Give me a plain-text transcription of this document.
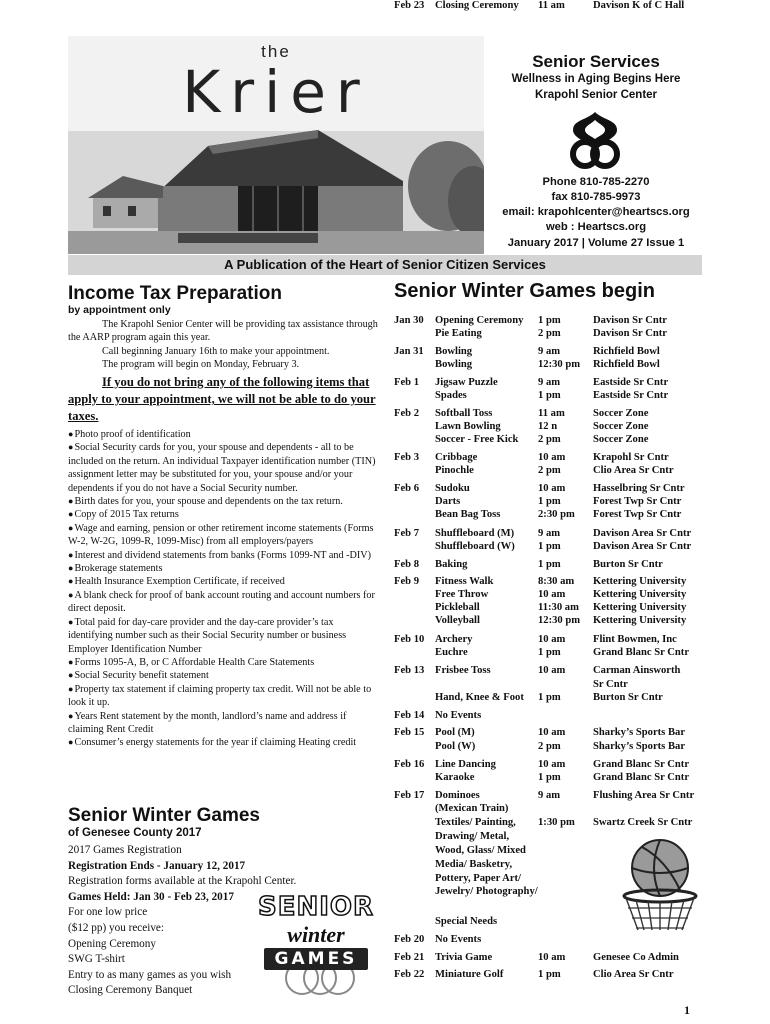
the
Krier	Senior Services
Wellness in Aging Begins Here
Krapohl Senior Center
Phone 810-785-2270
fax 810-785-9973
email: krapohlcenter@heartscs.org
web : Heartscs.org
January 2017 | Volume 27 Issue 1
A Publication of the Heart of Senior Citizen Services
Income Tax Preparation
by appointment only

The Krapohl Senior Center will be providing tax assistance through the AARP program again this year.

Call beginning January 16th to make your appointment.

The program will begin on Monday, February 3.

If you do not bring any of the following items that apply to your appointment, we will not be able to do your taxes.

● Photo proof of identification

● Social Security cards for you, your spouse and dependents - all to be included on the return. An individual Taxpayer identification number (TIN) assignment letter may be substituted for you, your spouse and/or your dependents if you do not have a Social Security number.

● Birth dates for you, your spouse and dependents on the tax return.

● Copy of 2015 Tax returns

● Wage and earning, pension or other retirement income statements (Forms W-2, W-2G, 1099-R, 1099-Misc) from all employers/payers

● Interest and dividend statements from banks (Forms 1099-NT and -DIV)

● Brokerage statements

● Health Insurance Exemption Certificate, if received

● A blank check for proof of bank account routing and account numbers for direct deposit.

● Total paid for day-care provider and the day-care provider’s tax identifying number such as their Social Security number or business Employer Identification Number

● Forms 1095-A, B, or C Affordable Health Care Statements

● Social Security benefit statement

● Property tax statement if claiming property tax credit. Will not be able to look it up.

● Years Rent statement by the month, landlord’s name and address if claiming Rent Credit

● Consumer’s energy statements for the year if claiming Heating credit

Senior Winter Games
of Genesee County 2017
2017 Games Registration
Registration Ends - January 12, 2017
Registration forms available at the Krapohl Center.
Games Held: Jan 30 - Feb 23, 2017
For one low price
($12 pp) you receive:
Opening Ceremony
SWG T-shirt
Entry to as many games as you wish
Closing Ceremony Banquet
SENIOR
winter
GAMES
Senior Winter Games begin
Jan 30 Opening Ceremony 1 pm	Davison Sr Cntr
Pie Eating	2 pm	Davison Sr Cntr
Jan 31 Bowling	9 am	Richfield Bowl
Bowling	12:30 pm Richfield Bowl
Feb 1 Jigsaw Puzzle	9 am	Eastside Sr Cntr
Spades	1 pm	Eastside Sr Cntr
Feb 2 Softball Toss	11 am	Soccer Zone
Lawn Bowling	12 n	Soccer Zone
Soccer - Free Kick 2 pm	Soccer Zone
Feb 3 Cribbage	10 am	Krapohl Sr Cntr
Pinochle	2 pm	Clio Area Sr Cntr
Feb 6 Sudoku	10 am	Hasselbring Sr Cntr
Darts	1 pm	Forest Twp Sr Cntr
Bean Bag Toss	2:30 pm Forest Twp Sr Cntr
Feb 7 Shuffleboard (M) 9 am	Davison Area Sr Cntr
Shuffleboard (W) 1 pm	Davison Area Sr Cntr
Feb 8 Baking	1 pm	Burton Sr Cntr
Feb 9 Fitness Walk	8:30 am Kettering University
Free Throw	10 am	Kettering University
Pickleball	11:30 am Kettering University
Volleyball	12:30 pm Kettering University
Feb 10 Archery	10 am	Flint Bowmen, Inc
Euchre	1 pm	Grand Blanc Sr Cntr
Feb 13 Frisbee Toss	10 am	Carman Ainsworth
Sr Cntr
Hand, Knee & Foot 1 pm	Burton Sr Cntr
Feb 14 No Events
Feb 15 Pool (M)	10 am	Sharky’s Sports Bar
Pool (W)	2 pm	Sharky’s Sports Bar
Feb 16 Line Dancing	10 am	Grand Blanc Sr Cntr
Karaoke	1 pm	Grand Blanc Sr Cntr
Feb 17 Dominoes	9 am	Flushing Area Sr Cntr
(Mexican Train)
Textiles/ Painting, 1:30 pm Swartz Creek Sr Cntr
Drawing/ Metal,
Wood, Glass/ Mixed
Media/ Basketry,
Pottery, Paper Art/
Jewelry/ Photography/
Special Needs
Feb 20 No Events
Feb 21 Trivia Game	10 am	Genesee Co Admin
Feb 22 Miniature Golf	1 pm	Clio Area Sr Cntr
Feb 23 Closing Ceremony 11 am	Davison K of C Hall
1
